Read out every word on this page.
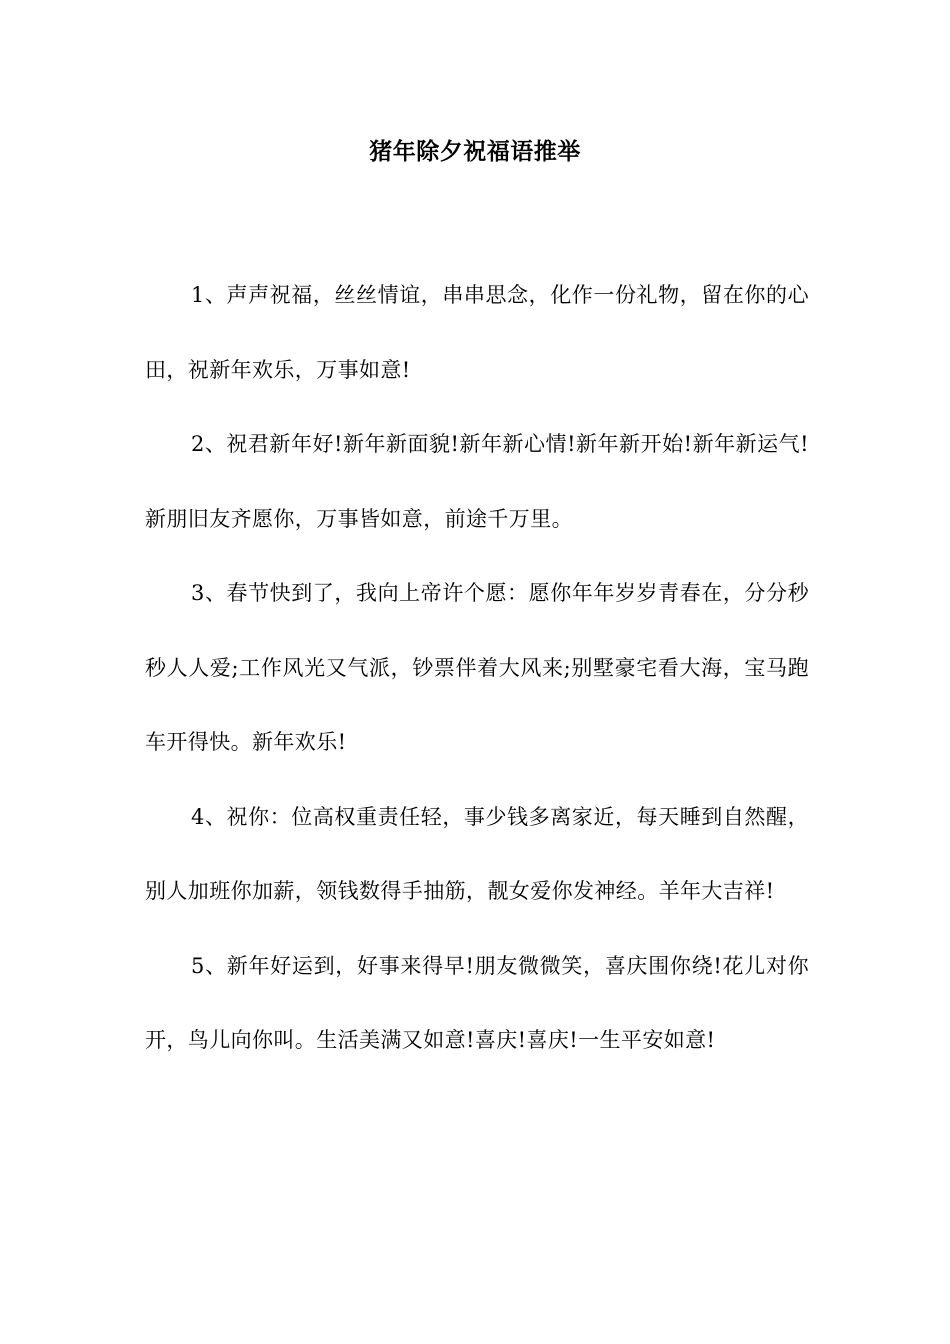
猪年除夕祝福语推举

1、声声祝福，丝丝情谊，串串思念，化作一份礼物，留在你的心田，祝新年欢乐，万事如意!

2、祝君新年好!新年新面貌!新年新心情!新年新开始!新年新运气!新朋旧友齐愿你，万事皆如意，前途千万里。

3、春节快到了，我向上帝许个愿：愿你年年岁岁青春在，分分秒秒人人爱;工作风光又气派，钞票伴着大风来;别墅豪宅看大海，宝马跑车开得快。新年欢乐!

4、祝你：位高权重责任轻，事少钱多离家近，每天睡到自然醒，别人加班你加薪，领钱数得手抽筋，靓女爱你发神经。羊年大吉祥!

5、新年好运到，好事来得早!朋友微微笑，喜庆围你绕!花儿对你开，鸟儿向你叫。生活美满又如意!喜庆!喜庆!一生平安如意!
